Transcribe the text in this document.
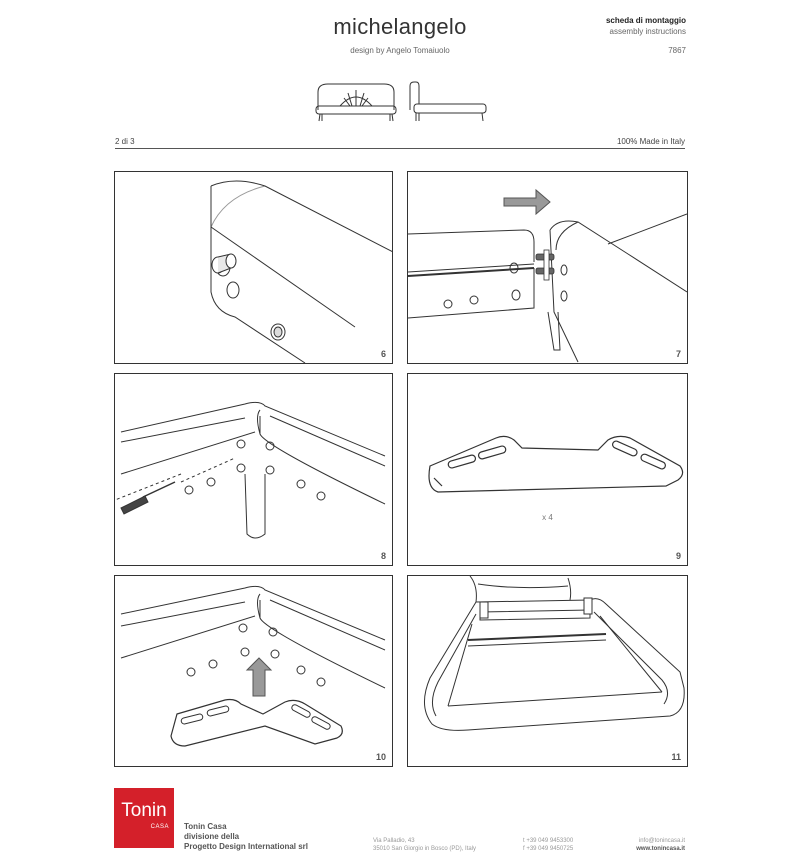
michelangelo
design by Angelo Tomaiuolo
scheda di montaggio
assembly instructions
7867
2 di 3	100% Made in Italy
6	7
8
x 4
9
10	11
Tonin
CASA Tonin Casa
divisione della
Progetto Design International srl
Via Palladio, 43
35010 San Giorgio in Bosco (PD), Italy
t +39 049 9453300
f +39 049 9450725
info@tonincasa.it
www.tonincasa.it
